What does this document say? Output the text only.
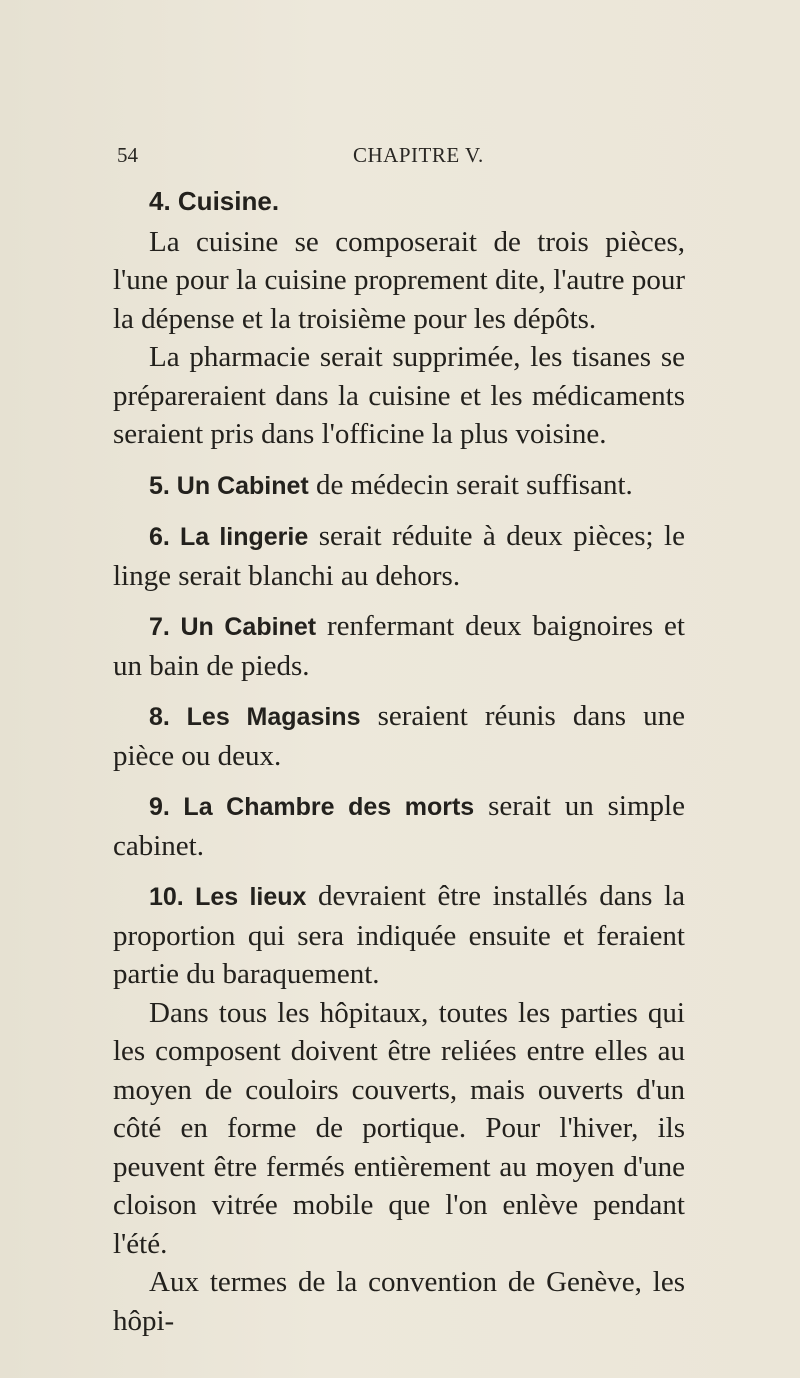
54	CHAPITRE V.

4. Cuisine.

La cuisine se composerait de trois pièces, l'une pour la cuisine proprement dite, l'autre pour la dépense et la troisième pour les dépôts.

La pharmacie serait supprimée, les tisanes se prépareraient dans la cuisine et les médicaments seraient pris dans l'officine la plus voisine.

5. Un Cabinet de médecin serait suffisant.

6. La lingerie serait réduite à deux pièces; le linge serait blanchi au dehors.

7. Un Cabinet renfermant deux baignoires et un bain de pieds.

8. Les Magasins seraient réunis dans une pièce ou deux.

9. La Chambre des morts serait un simple cabinet.

10. Les lieux devraient être installés dans la proportion qui sera indiquée ensuite et feraient partie du baraquement.

Dans tous les hôpitaux, toutes les parties qui les composent doivent être reliées entre elles au moyen de couloirs couverts, mais ouverts d'un côté en forme de portique. Pour l'hiver, ils peuvent être fermés entièrement au moyen d'une cloison vitrée mobile que l'on enlève pendant l'été.

Aux termes de la convention de Genève, les hôpi-
